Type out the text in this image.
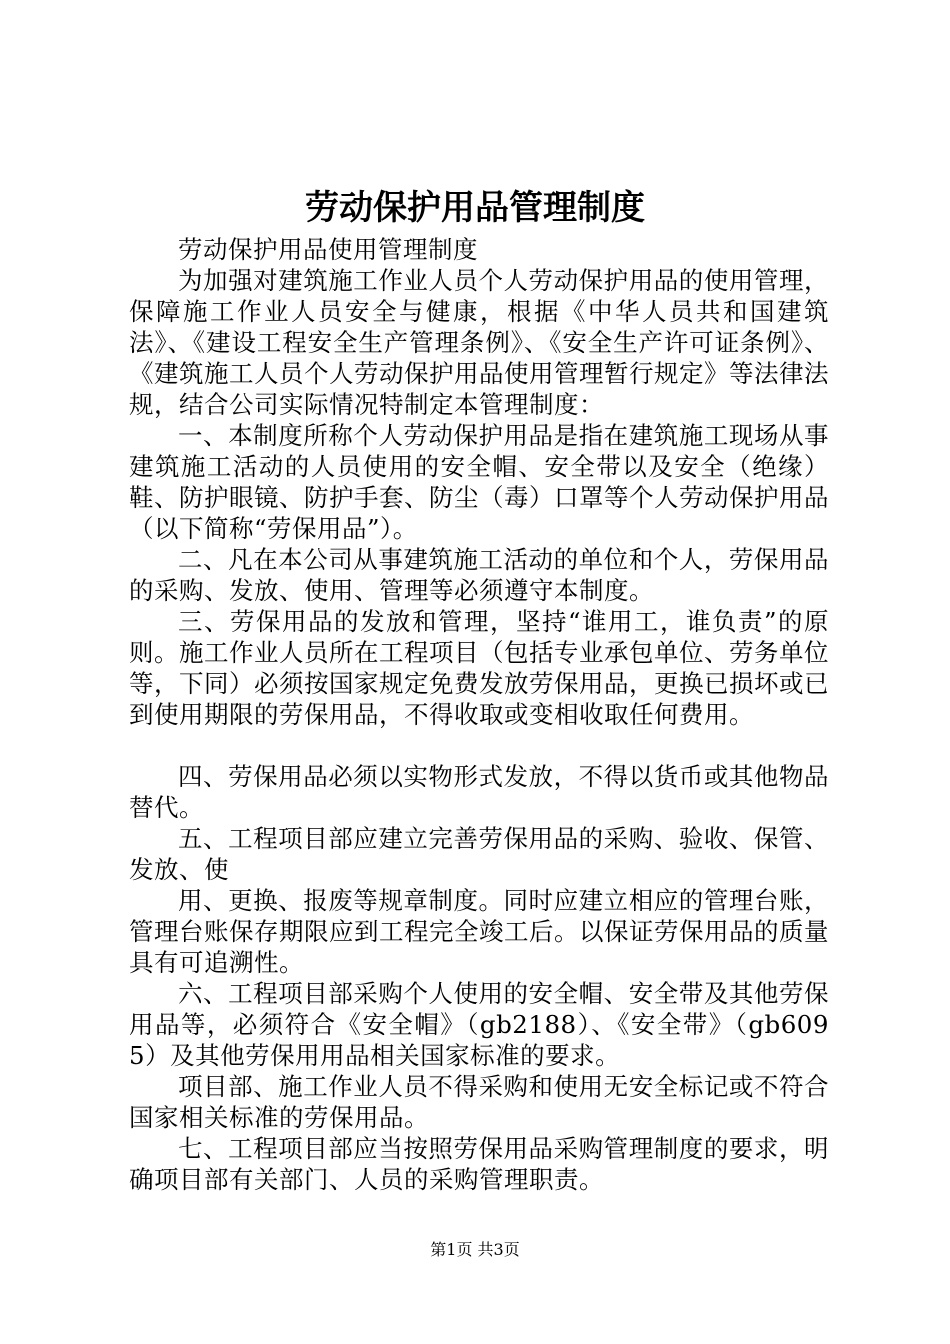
劳动保护用品管理制度

劳动保护用品使用管理制度

为加强对建筑施工作业人员个人劳动保护用品的使用管理，保障施工作业人员安全与健康，根据《中华人员共和国建筑法》、《建设工程安全生产管理条例》、《安全生产许可证条例》、《建筑施工人员个人劳动保护用品使用管理暂行规定》等法律法规，结合公司实际情况特制定本管理制度：

一、本制度所称个人劳动保护用品是指在建筑施工现场从事建筑施工活动的人员使用的安全帽、安全带以及安全（绝缘）鞋、防护眼镜、防护手套、防尘（毒）口罩等个人劳动保护用品（以下简称“劳保用品”）。

二、凡在本公司从事建筑施工活动的单位和个人，劳保用品的采购、发放、使用、管理等必须遵守本制度。

三、劳保用品的发放和管理，坚持“谁用工，谁负责”的原则。施工作业人员所在工程项目（包括专业承包单位、劳务单位等，下同）必须按国家规定免费发放劳保用品，更换已损坏或已到使用期限的劳保用品，不得收取或变相收取任何费用。

四、劳保用品必须以实物形式发放，不得以货币或其他物品替代。

五、工程项目部应建立完善劳保用品的采购、验收、保管、发放、使

用、更换、报废等规章制度。同时应建立相应的管理台账，管理台账保存期限应到工程完全竣工后。以保证劳保用品的质量具有可追溯性。

六、工程项目部采购个人使用的安全帽、安全带及其他劳保用品等，必须符合《安全帽》（gb2188）、《安全带》（gb6095）及其他劳保用用品相关国家标准的要求。

项目部、施工作业人员不得采购和使用无安全标记或不符合国家相关标准的劳保用品。

七、工程项目部应当按照劳保用品采购管理制度的要求，明确项目部有关部门、人员的采购管理职责。

第1页 共3页
